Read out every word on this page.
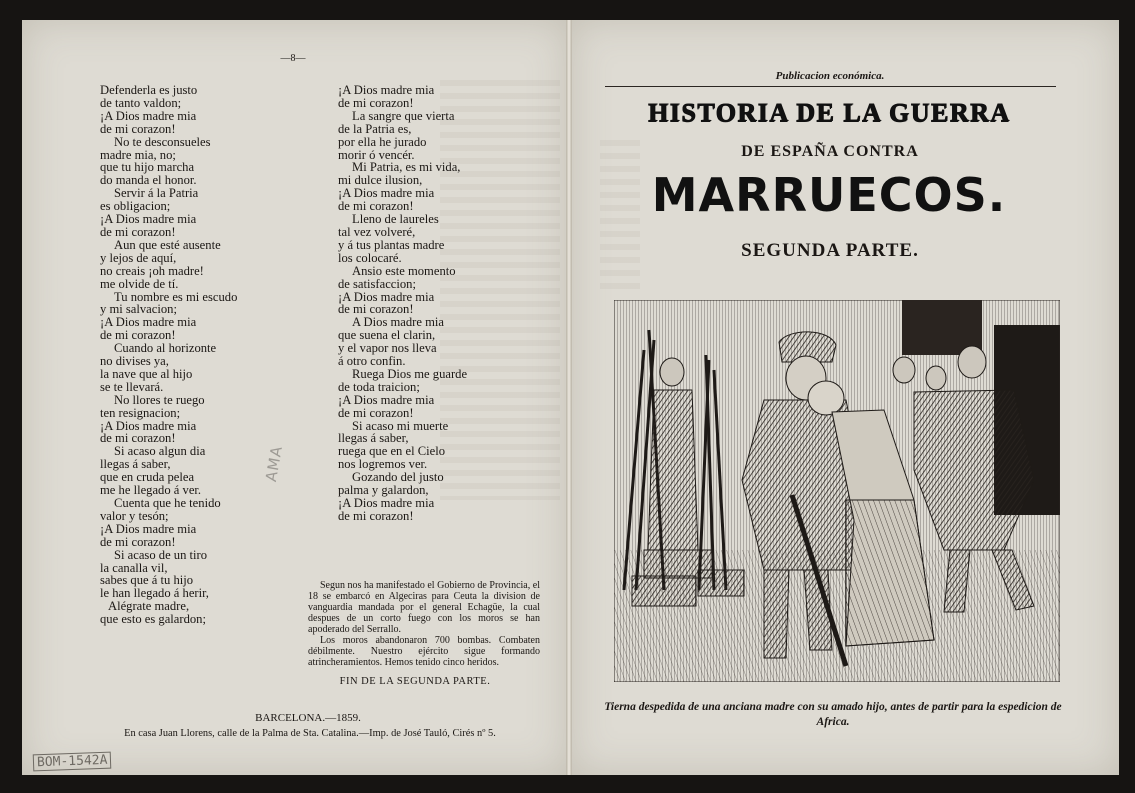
—8—
Defenderla es justo
de tanto valdon;
¡A Dios madre mia
de mi corazon!
No te desconsueles
madre mia, no;
que tu hijo marcha
do manda el honor.
Servir á la Patria
es obligacion;
¡A Dios madre mia
de mi corazon!
Aun que esté ausente
y lejos de aquí,
no creais ¡oh madre!
me olvide de tí.
Tu nombre es mi escudo
y mi salvacion;
¡A Dios madre mia
de mi corazon!
Cuando al horizonte
no divises ya,
la nave que al hijo
se te llevará.
No llores te ruego
ten resignacion;
¡A Dios madre mia
de mi corazon!
Si acaso algun dia
llegas á saber,
que en cruda pelea
me he llegado á ver.
Cuenta que he tenido
valor y tesón;
¡A Dios madre mia
de mi corazon!
Si acaso de un tiro
la canalla vil,
sabes que á tu hijo
le han llegado á herir,
Alégrate madre,
que esto es galardon;
¡A Dios madre mia
de mi corazon!
La sangre que vierta
de la Patria es,
por ella he jurado
morir ó vencér.
Mi Patria, es mi vida,
mi dulce ilusion,
¡A Dios madre mia
de mi corazon!
Lleno de laureles
tal vez volveré,
y á tus plantas madre
los colocaré.
Ansio este momento
de satisfaccion;
¡A Dios madre mia
de mi corazon!
A Dios madre mia
que suena el clarin,
y el vapor nos lleva
á otro confin.
Ruega Dios me guarde
de toda traicion;
¡A Dios madre mia
de mi corazon!
Si acaso mi muerte
llegas á saber,
ruega que en el Cielo
nos logremos ver.
Gozando del justo
palma y galardon,
¡A Dios madre mia
de mi corazon!

Segun nos ha manifestado el Gobierno de Provincia, el 18 se embarcó en Algeciras para Ceuta la division de vanguardia mandada por el general Echagüe, la cual despues de un corto fuego con los moros se han apoderado del Serrallo.

Los moros abandonaron 700 bombas. Combaten débilmente. Nuestro ejército sigue formando atrincheramientos. Hemos tenido cinco heridos.

FIN DE LA SEGUNDA PARTE.
BARCELONA.—1859.
En casa Juan Llorens, calle de la Palma de Sta. Catalina.—Imp. de José Tauló, Cirés nº 5.
AMA
BOM-1542A
Publicacion económica.
HISTORIA DE LA GUERRA
DE ESPAÑA CONTRA
MARRUECOS.
SEGUNDA PARTE.
Tierna despedida de una anciana madre con su amado hijo, antes de partir para la espedicion de Africa.
